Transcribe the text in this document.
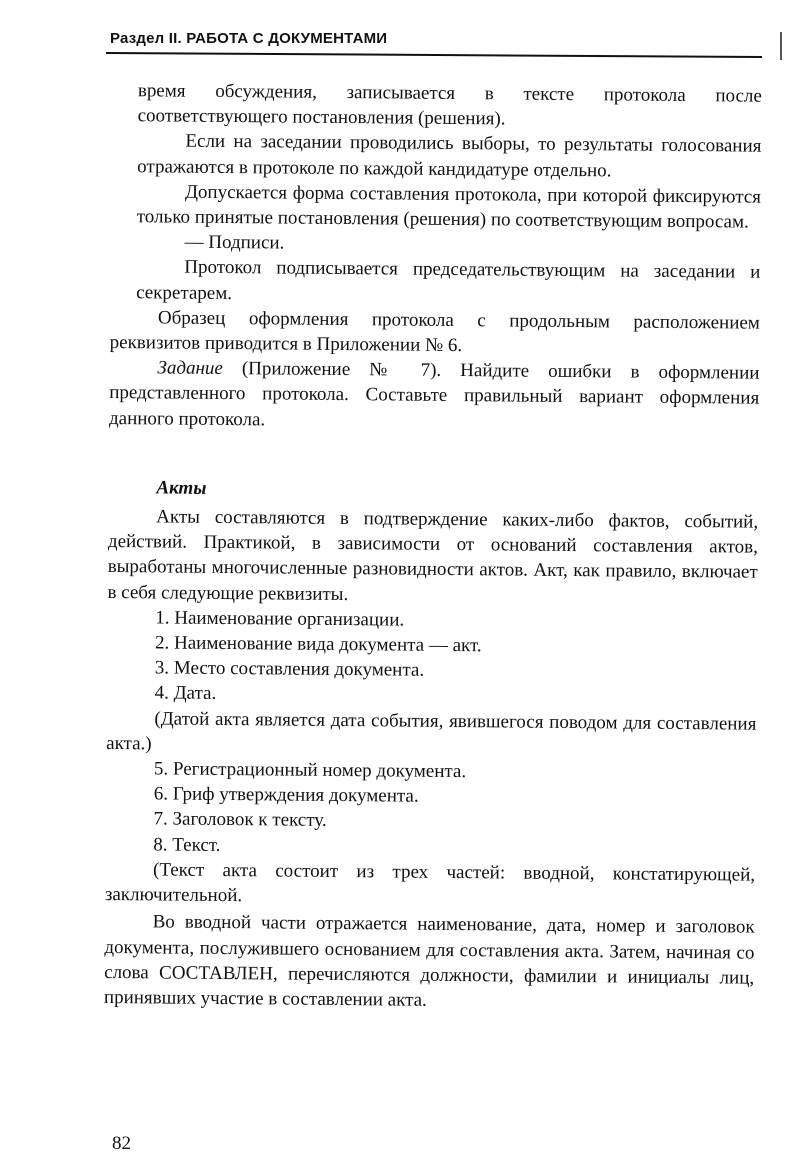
Раздел II. РАБОТА С ДОКУМЕНТАМИ

время обсуждения, записывается в тексте протокола после соответствующего постановления (решения).

Если на заседании проводились выборы, то результаты голосования отражаются в протоколе по каждой кандидатуре отдельно.

Допускается форма составления протокола, при которой фиксируются только принятые постановления (решения) по соответствующим вопросам.

— Подписи.

Протокол подписывается председательствующим на заседании и секретарем.

Образец оформления протокола с продольным расположением реквизитов приводится в Приложении № 6.

Задание (Приложение № 7). Найдите ошибки в оформлении представленного протокола. Составьте правильный вариант оформления данного протокола.

Акты

Акты составляются в подтверждение каких-либо фактов, событий, действий. Практикой, в зависимости от оснований составления актов, выработаны многочисленные разновидности актов. Акт, как правило, включает в себя следующие реквизиты.

1. Наименование организации.

2. Наименование вида документа — акт.

3. Место составления документа.

4. Дата.

(Датой акта является дата события, явившегося поводом для составления акта.)

5. Регистрационный номер документа.

6. Гриф утверждения документа.

7. Заголовок к тексту.

8. Текст.

(Текст акта состоит из трех частей: вводной, констатирующей, заключительной.

Во вводной части отражается наименование, дата, номер и заголовок документа, послужившего основанием для составления акта. Затем, начиная со слова СОСТАВЛЕН, перечисляются должности, фамилии и инициалы лиц, принявших участие в составлении акта.

82
